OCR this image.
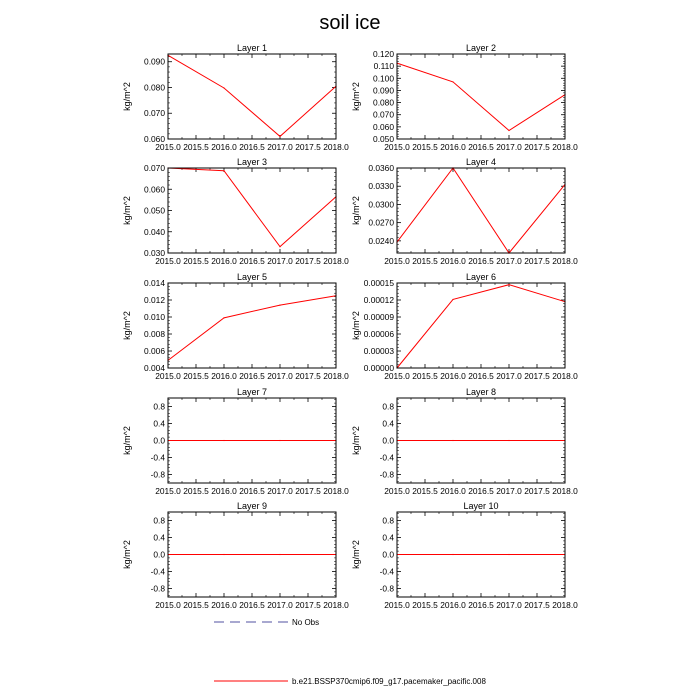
soil ice
Layer 1
kg/m^2
2015.0 2015.5 2016.0 2016.5 2017.0 2017.5 2018.0
0.060
0.070
0.080
0.090
Layer 2
kg/m^2
2015.0 2015.5 2016.0 2016.5 2017.0 2017.5 2018.0
0.050
0.060
0.070
0.080
0.090
0.100
0.110
0.120
Layer 3
kg/m^2
2015.0 2015.5 2016.0 2016.5 2017.0 2017.5 2018.0
0.030
0.040
0.050
0.060
0.070
Layer 4
kg/m^2
2015.0 2015.5 2016.0 2016.5 2017.0 2017.5 2018.0
0.0240
0.0270
0.0300
0.0330
0.0360
Layer 5
kg/m^2
2015.0 2015.5 2016.0 2016.5 2017.0 2017.5 2018.0
0.004
0.006
0.008
0.010
0.012
0.014
Layer 6
kg/m^2
2015.0 2015.5 2016.0 2016.5 2017.0 2017.5 2018.0
0.00000
0.00003
0.00006
0.00009
0.00012
0.00015
Layer 7
kg/m^2
2015.0 2015.5 2016.0 2016.5 2017.0 2017.5 2018.0
-0.8
-0.4
0.0
0.4
0.8
Layer 8
kg/m^2
2015.0 2015.5 2016.0 2016.5 2017.0 2017.5 2018.0
-0.8
-0.4
0.0
0.4
0.8
Layer 9
kg/m^2
2015.0 2015.5 2016.0 2016.5 2017.0 2017.5 2018.0
-0.8
-0.4
0.0
0.4
0.8
Layer 10
kg/m^2
2015.0 2015.5 2016.0 2016.5 2017.0 2017.5 2018.0
-0.8
-0.4
0.0
0.4
0.8
No Obs
b.e21.BSSP370cmip6.f09_g17.pacemaker_pacific.008
